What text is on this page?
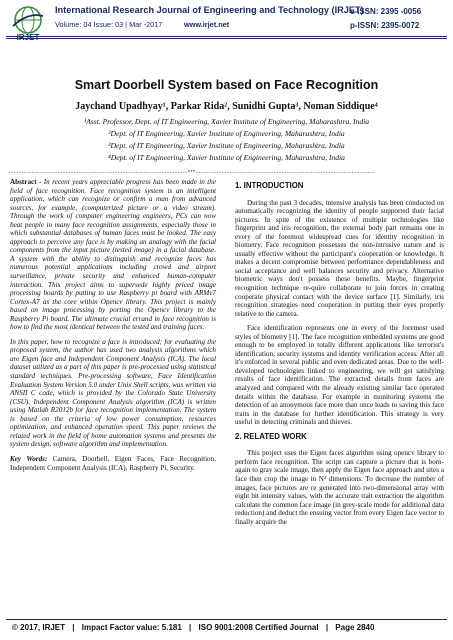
International Research Journal of Engineering and Technology (IRJET)
Volume: 04 Issue: 03 | Mar -2017	www.irjet.net
e-ISSN: 2395 -0056
p-ISSN: 2395-0072
Smart Doorbell System based on Face Recognition
Jaychand Upadhyay¹, Parkar Rida², Sunidhi Gupta³, Noman Siddique⁴
¹Asst. Professor, Dept. of IT Engineering, Xavier Institute of Engineering, Maharashtra, India
²Dept. of IT Engineering, Xavier Institute of Engineering, Maharashtra, India
³Dept. of IT Engineering, Xavier Institute of Engineering, Maharashtra, India
⁴Dept. of IT Engineering, Xavier Institute of Engineering, Maharashtra, India
---------------------------------------------------------------------***---------------------------------------------------------------------

Abstract - In recent years appreciable progress has been made in the field of face recognition. Face recognition system is an intelligent application, which can recognize or confirm a man from advanced sources, for example, (computerized picture or a video stream). Through the work of computer engineering engineers, PCs can now beat people in many face recognition assignments, especially those in which substantial databases of human faces must be looked. The easy approach to perceive any face is by making an analogy with the facial components from the input picture (tested image) in a facial database. A system with the ability to distinguish and recognize faces has numerous potential applications including crowd and airport surveillance, private security and enhanced human-computer interaction. This project aims to supersede highly priced image processing boards by putting to use Raspberry pi board with ARMv7 Cortex-A7 as the core within Opencv library. This project is mainly based on image processing by porting the Opencv library to the Raspberry Pi board. The ultimate crucial errand in face recognition is how to find the most identical between the tested and training faces.

In this paper, how to recognize a face is introduced; for evaluating the proposed system, the author has used two analysis algorithms which are Eigen face and Independent Component Analysis (ICA). The local dataset utilized as a part of this paper is pre-processed using statistical standard techniques. Pre-processing software, Face Identification Evaluation System Version 5.0 under Unix Shell scripts, was written via ANSII C code, which is provided by the Colorado State University (CSU). Independent Component Analysis algorithm (ICA) is written using Matlab R2012b for face recognition implementation. The system is based on the criteria of low power consumption, resources optimization, and enhanced operation speed. This paper reviews the related work in the field of home automation systems and presents the system design, software algorithm and implementation.

Key Words: Camera, Doorbell, Eigen Faces, Face Recognition, Independent Component Analysis (ICA), Raspberry Pi, Security.

1. INTRODUCTION

During the past 3 decades, intensive analysis has been conducted on automatically recognizing the identity of people supported their facial pictures. In spite of the existence of multiple technologies like fingerprint and iris recognition, the external body part remains one in every of the foremost widespread cues for identity recognition in biometry. Face recognition possesses the non-intrusive nature and is usually effective without the participant's cooperation or knowledge. It makes a decent compromise between performance dependableness and social acceptance and well balances security and privacy. Alternative biometric ways don't possess these benefits. Maybe, fingerprint recognition technique re-quire collaborate to join forces in creating cooperate physical contact with the device surface [1]. Similarly, iris recognition strategies need cooperation in putting their eyes properly relative to the camera.

Face identification represents one in every of the foremost used styles of biometry [1]. The face recognition embedded systems are good enough to be employed in totally different applications like terrorist's identification, security systems and identity verification access. After all it's enforced in several public and even dedicated areas. Due to the well-developed technologies linked to engineering, we will get satisfying results of face identification. The extracted details from faces are analyzed and compared with the already existing similar face operated details within the database. For example in monitoring systems the detection of an anonymous face more than once leads to saving this face traits in the database for further identification. This strategy is very useful in detecting criminals and thieves.

2. RELATED WORK

This project uses the Eigen faces algorithm using opencv library to perform face recognition. The script can capture a picture that is born-again to gray scale image, then apply the Eigen face approach and sites a face then crop the image in N² dimensions. To decrease the number of images, face pictures are re generated into two-dimensional array with eight bit intensity values, with the accurate trait extraction the algorithm calculate the common face image (in grey-scale mode for additional data reduction) and deduct the ensuing vector from every Eigen face vector to finally acquire the

© 2017, IRJET | Impact Factor value: 5.181 | ISO 9001:2008 Certified Journal | Page 2840
